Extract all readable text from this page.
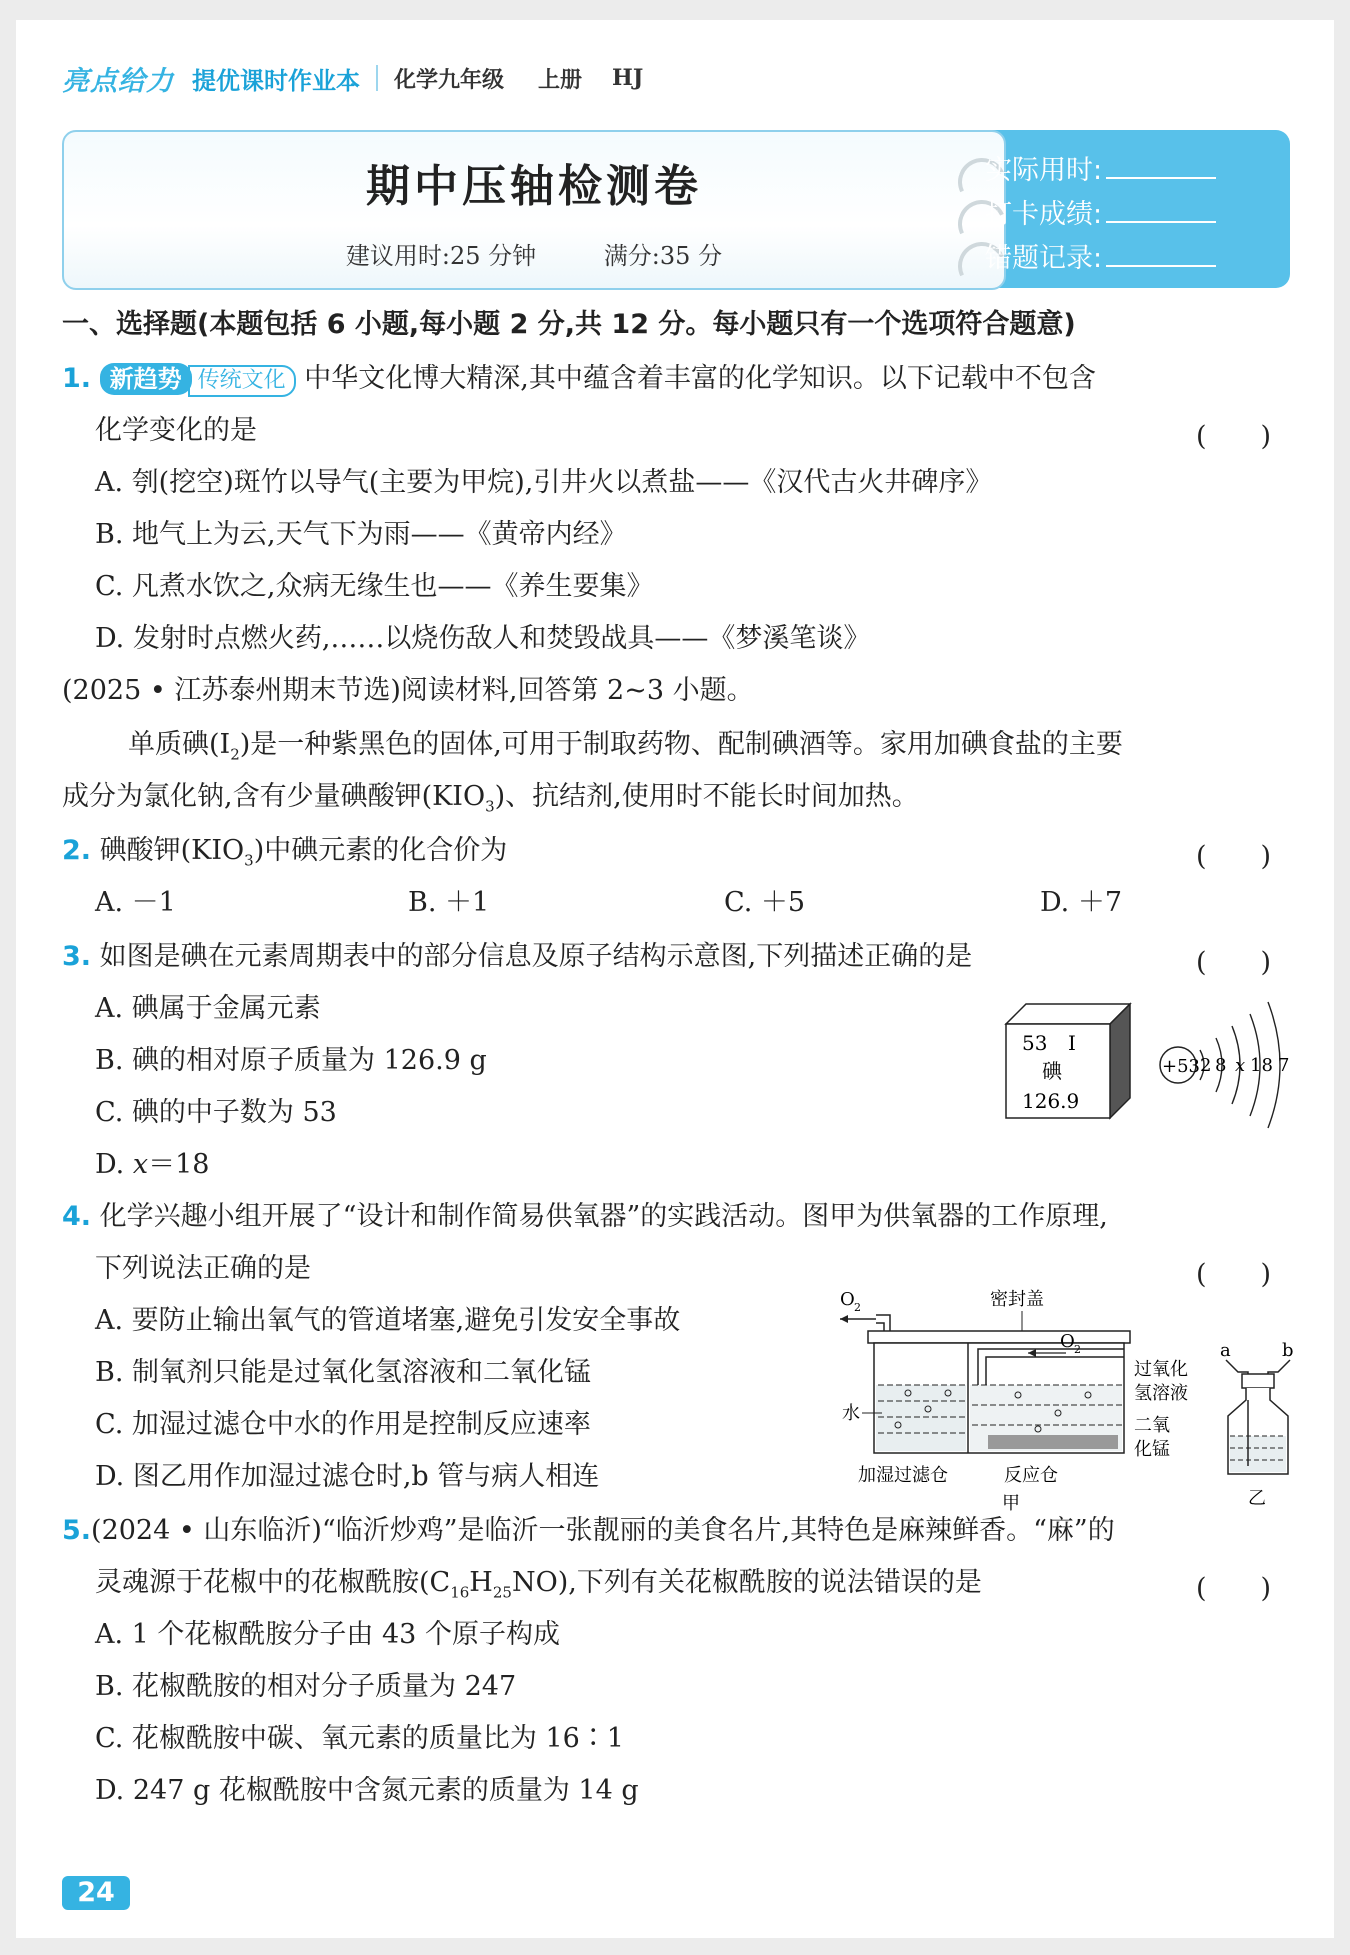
亮点给力 提优课时作业本 化学九年级 上册 HJ
期中压轴检测卷
建议用时:25 分钟	满分:35 分
实际用时:
打卡成绩:
错题记录:
一、选择题(本题包括 6 小题,每小题 2 分,共 12 分。每小题只有一个选项符合题意)
1. 新趋势 传统文化 中华文化博大精深,其中蕴含着丰富的化学知识。以下记载中不包含
化学变化的是	(　　)
A. 刳(挖空)斑竹以导气(主要为甲烷),引井火以煮盐——《汉代古火井碑序》
B. 地气上为云,天气下为雨——《黄帝内经》
C. 凡煮水饮之,众病无缘生也——《养生要集》
D. 发射时点燃火药,……以烧伤敌人和焚毁战具——《梦溪笔谈》
(2025 • 江苏泰州期末节选)阅读材料,回答第 2~3 小题。
单质碘$(I_2)$是一种紫黑色的固体,可用于制取药物、配制碘酒等。家用加碘食盐的主要
成分为氯化钠,含有少量碘酸钾$(KIO_3)$、抗结剂,使用时不能长时间加热。
2. 碘酸钾$(KIO_3)$中碘元素的化合价为	(　　)
A. －1	B. ＋1	C. ＋5	D. ＋7
3. 如图是碘在元素周期表中的部分信息及原子结构示意图,下列描述正确的是	(　　)
A. 碘属于金属元素
B. 碘的相对原子质量为 126.9 g
C. 碘的中子数为 53
D. x＝18
53 I
碘
126.9
+53 2 8 x 18 7
4. 化学兴趣小组开展了“设计和制作简易供氧器”的实践活动。图甲为供氧器的工作原理,
下列说法正确的是	(　　)
A. 要防止输出氧气的管道堵塞,避免引发安全事故
B. 制氧剂只能是过氧化氢溶液和二氧化锰
C. 加湿过滤仓中水的作用是控制反应速率
D. 图乙用作加湿过滤仓时,b 管与病人相连
O 2	密封盖
O 2
水
过氧化
氢溶液
二氧
化锰
加湿过滤仓	反应仓
甲
a	b
乙
5.(2024 • 山东临沂)“临沂炒鸡”是临沂一张靓丽的美食名片,其特色是麻辣鲜香。“麻”的
灵魂源于花椒中的花椒酰胺$(C_{16}H_{25}NO)$,下列有关花椒酰胺的说法错误的是	(　　)
A. 1 个花椒酰胺分子由 43 个原子构成
B. 花椒酰胺的相对分子质量为 247
C. 花椒酰胺中碳、氧元素的质量比为 16∶1
D. 247 g 花椒酰胺中含氮元素的质量为 14 g
24
